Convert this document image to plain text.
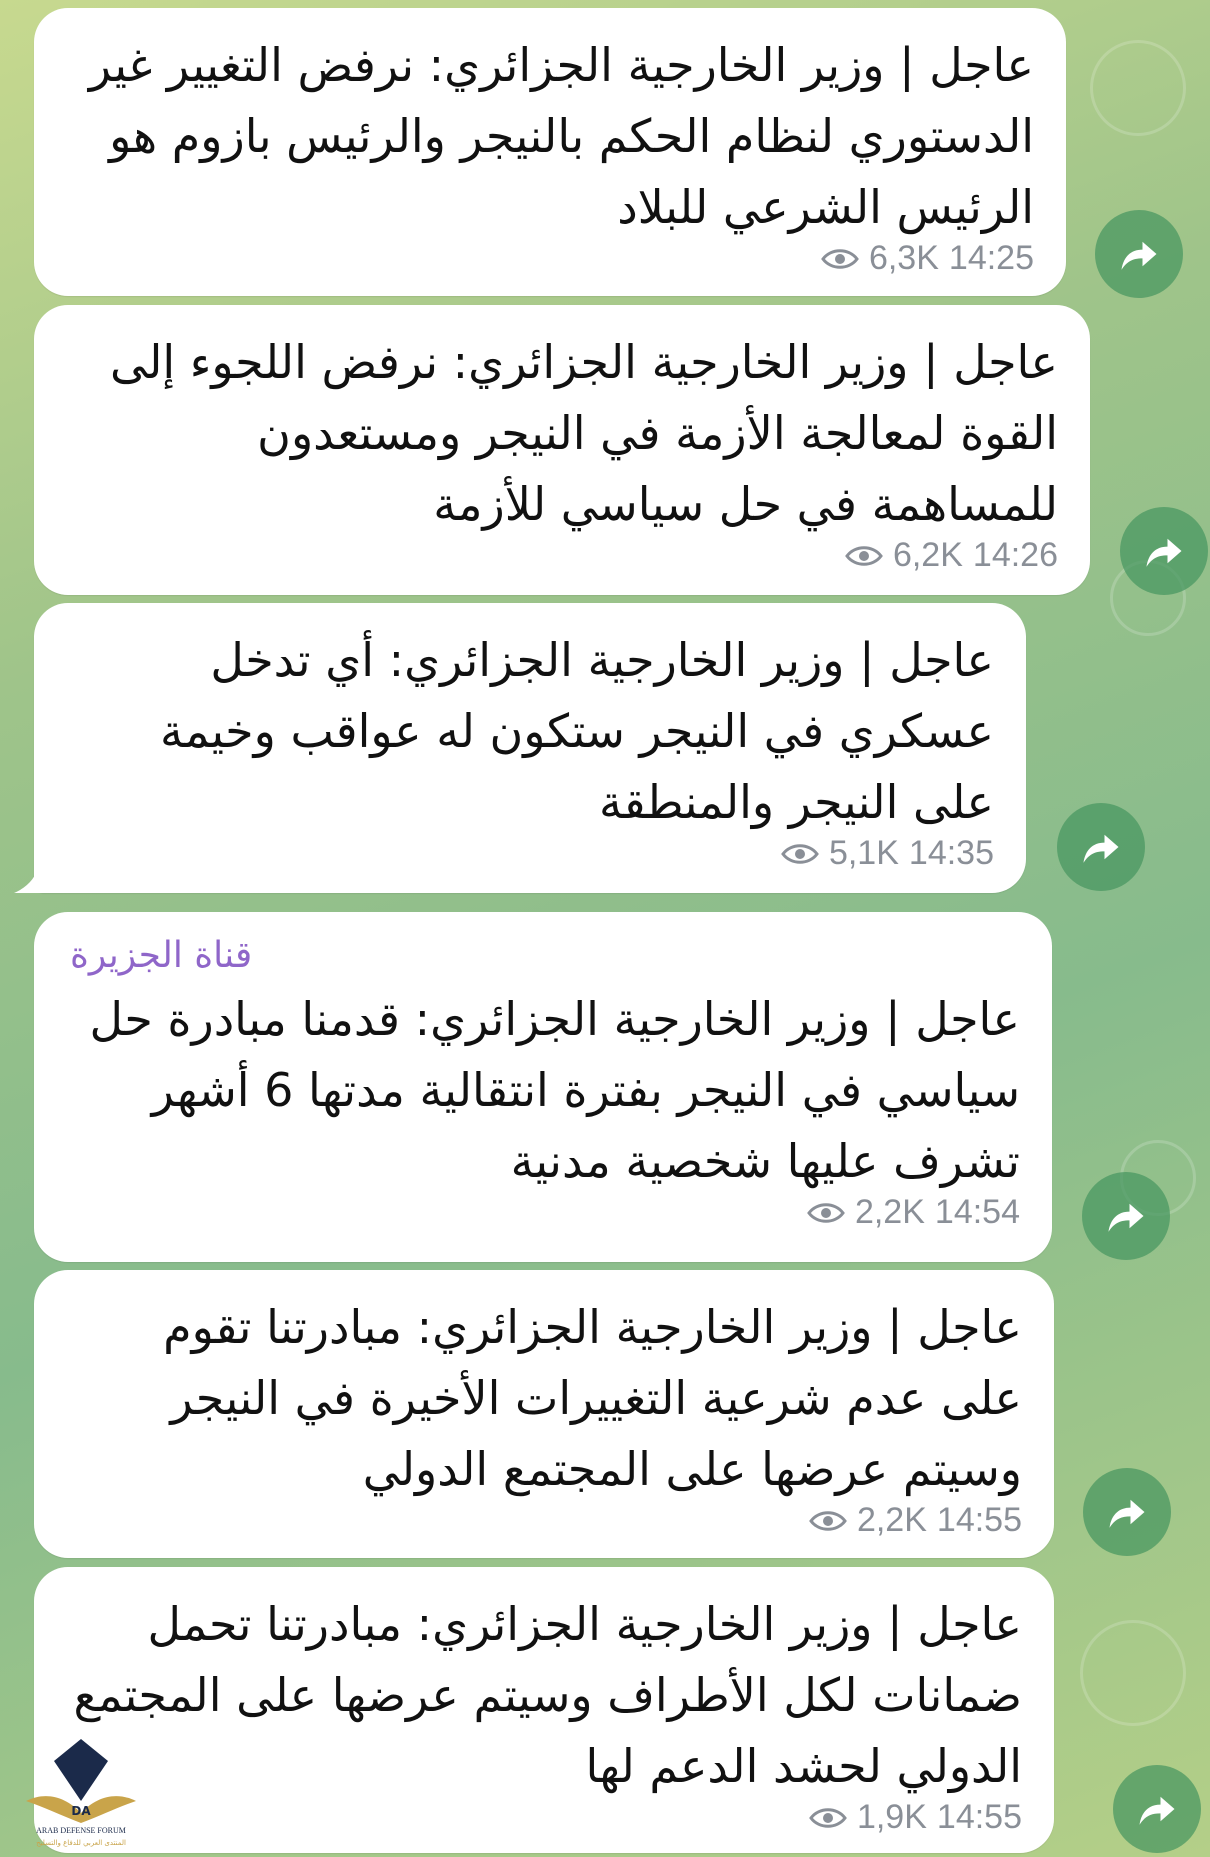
عاجل | وزير الخارجية الجزائري: نرفض التغيير غير الدستوري لنظام الحكم بالنيجر والرئيس بازوم هو الرئيس الشرعي للبلاد
6,3K 14:25
عاجل | وزير الخارجية الجزائري: نرفض اللجوء إلى القوة لمعالجة الأزمة في النيجر ومستعدون للمساهمة في حل سياسي للأزمة
6,2K 14:26
عاجل | وزير الخارجية الجزائري: أي تدخل عسكري في النيجر ستكون له عواقب وخيمة على النيجر والمنطقة
5,1K 14:35
قناة الجزيرة
عاجل | وزير الخارجية الجزائري: قدمنا مبادرة حل سياسي في النيجر بفترة انتقالية مدتها 6 أشهر تشرف عليها شخصية مدنية
2,2K 14:54
عاجل | وزير الخارجية الجزائري: مبادرتنا تقوم على عدم شرعية التغييرات الأخيرة في النيجر وسيتم عرضها على المجتمع الدولي
2,2K 14:55
عاجل | وزير الخارجية الجزائري: مبادرتنا تحمل ضمانات لكل الأطراف وسيتم عرضها على المجتمع الدولي لحشد الدعم لها
1,9K 14:55
DA
ARAB DEFENSE FORUM
المنتدى العربي للدفاع والتسليح
